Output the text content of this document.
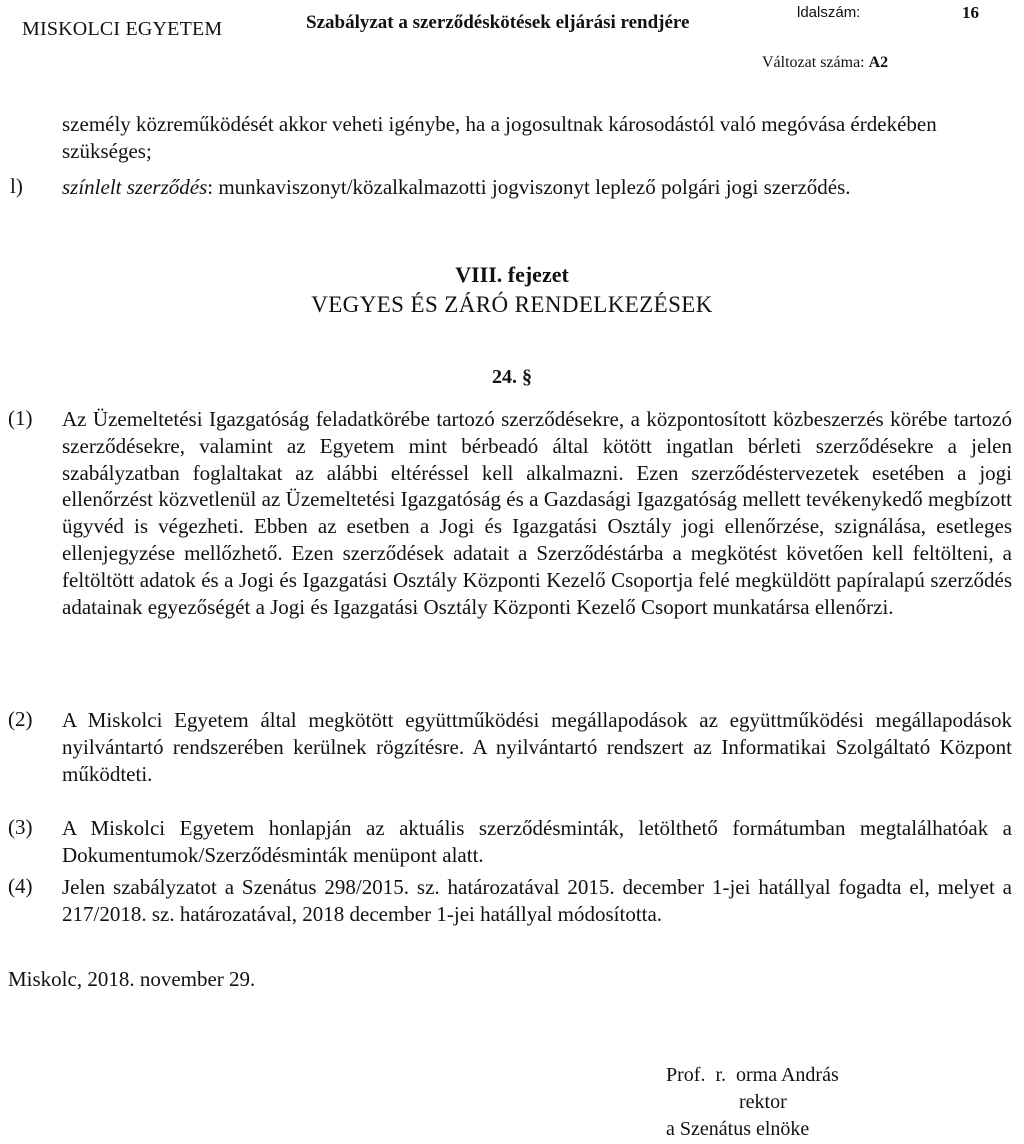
MISKOLCI EGYETEM	Szabályzat a szerződéskötések eljárási rendjére	ldalszám:	16
Változat száma: A2
személy közreműködését akkor veheti igénybe, ha a jogosultnak károsodástól való megóvása érdekében szükséges;
l) színlelt szerződés: munkaviszonyt/közalkalmazotti jogviszonyt leplező polgári jogi szerződés.
VIII. fejezet
VEGYES ÉS ZÁRÓ RENDELKEZÉSEK
24. §
(1) Az Üzemeltetési Igazgatóság feladatkörébe tartozó szerződésekre, a központosított közbeszerzés körébe tartozó szerződésekre, valamint az Egyetem mint bérbeadó által kötött ingatlan bérleti szerződésekre a jelen szabályzatban foglaltakat az alábbi eltéréssel kell alkalmazni. Ezen szerződéstervezetek esetében a jogi ellenőrzést közvetlenül az Üzemeltetési Igazgatóság és a Gazdasági Igazgatóság mellett tevékenykedő megbízott ügyvéd is végezheti. Ebben az esetben a Jogi és Igazgatási Osztály jogi ellenőrzése, szignálása, esetleges ellenjegyzése mellőzhető. Ezen szerződések adatait a Szerződéstárba a megkötést követően kell feltölteni, a feltöltött adatok és a Jogi és Igazgatási Osztály Központi Kezelő Csoportja felé megküldött papíralapú szerződés adatainak egyezőségét a Jogi és Igazgatási Osztály Központi Kezelő Csoport munkatársa ellenőrzi.
(2) A Miskolci Egyetem által megkötött együttműködési megállapodások az együttműködési megállapodások nyilvántartó rendszerében kerülnek rögzítésre. A nyilvántartó rendszert az Informatikai Szolgáltató Központ működteti.
(3) A Miskolci Egyetem honlapján az aktuális szerződésminták, letölthető formátumban megtalálhatóak a Dokumentumok/Szerződésminták menüpont alatt.
(4) Jelen szabályzatot a Szenátus 298/2015. sz. határozatával 2015. december 1-jei hatállyal fogadta el, melyet a 217/2018. sz. határozatával, 2018 december 1-jei hatállyal módosította.
Miskolc, 2018. november 29.
Prof.  r.  orma András
rektor
a Szenátus elnöke
